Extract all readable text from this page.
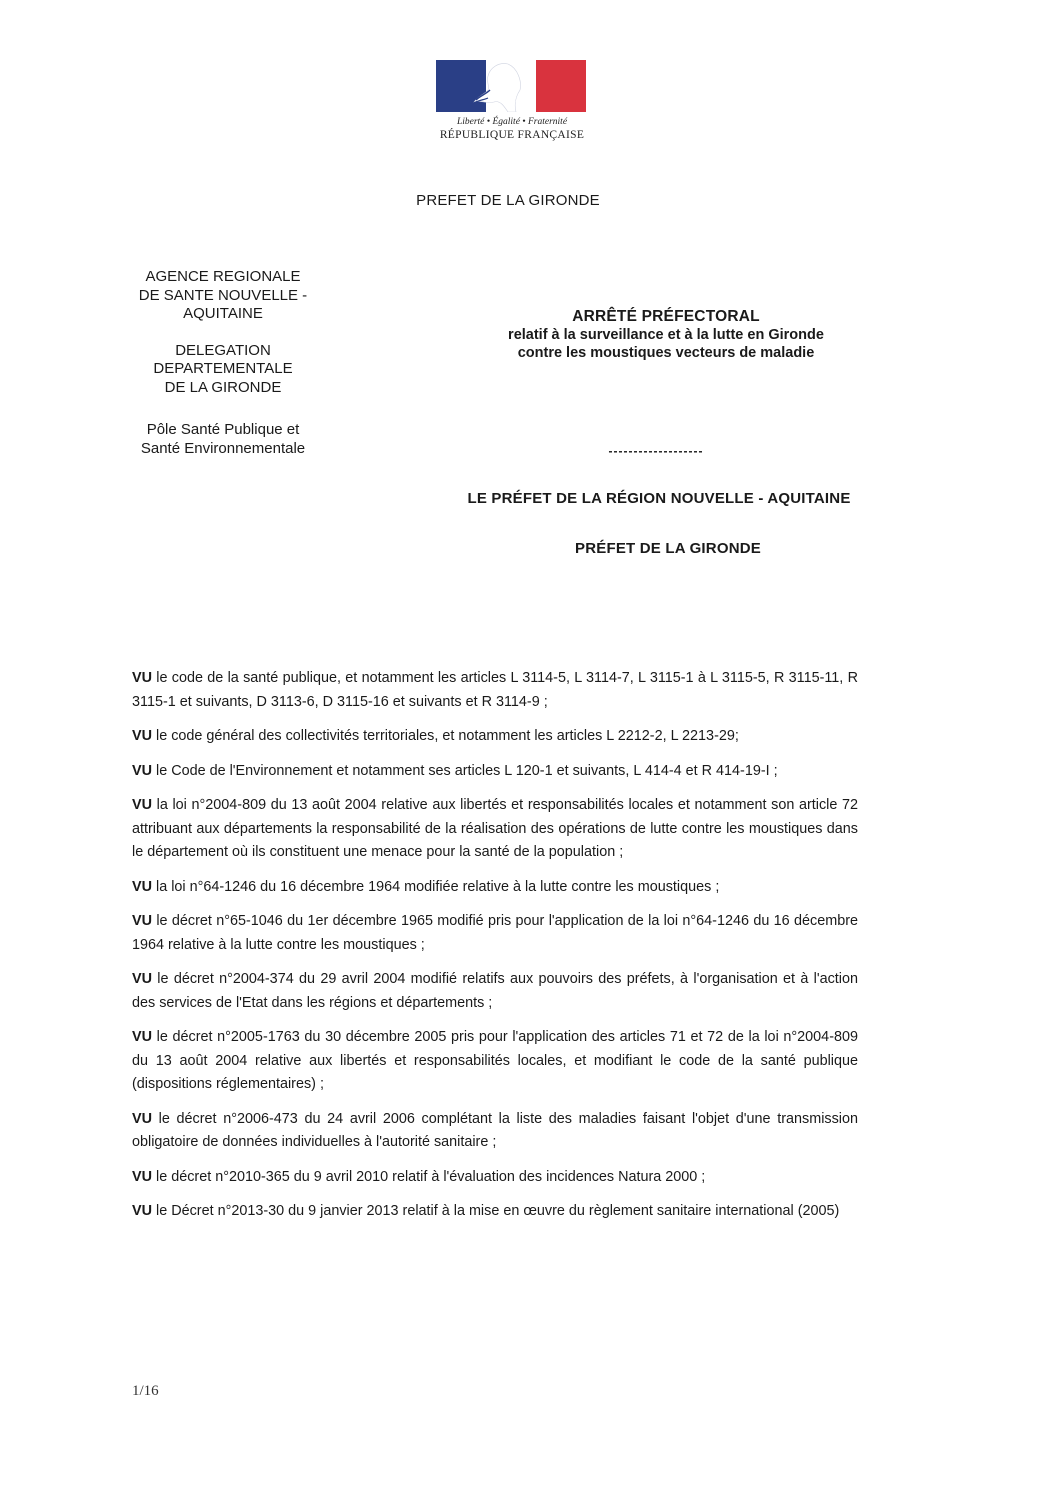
Liberté • Égalité • Fraternité
RÉPUBLIQUE FRANÇAISE
PREFET DE LA GIRONDE
AGENCE REGIONALE
DE SANTE NOUVELLE -
AQUITAINE
DELEGATION
DEPARTEMENTALE
DE LA GIRONDE
Pôle Santé Publique et
Santé Environnementale
ARRÊTÉ PRÉFECTORAL
relatif à la surveillance et à la lutte en Gironde
contre les moustiques vecteurs de maladie
-------------------
LE PRÉFET DE LA RÉGION NOUVELLE - AQUITAINE
PRÉFET DE LA GIRONDE

VU le code de la santé publique, et notamment les articles L 3114-5, L 3114-7, L 3115-1 à L 3115-5, R 3115-11, R 3115-1 et suivants, D 3113-6, D 3115-16 et suivants et R 3114-9 ;

VU le code général des collectivités territoriales, et notamment les articles L 2212-2, L 2213-29;

VU le Code de l'Environnement et notamment ses articles L 120-1 et suivants, L 414-4 et R 414-19-I ;

VU la loi n°2004-809 du 13 août 2004 relative aux libertés et responsabilités locales et notamment son article 72 attribuant aux départements la responsabilité de la réalisation des opérations de lutte contre les moustiques dans le département où ils constituent une menace pour la santé de la population ;

VU la loi n°64-1246 du 16 décembre 1964 modifiée relative à la lutte contre les moustiques ;

VU le décret n°65-1046 du 1er décembre 1965 modifié pris pour l'application de la loi n°64-1246 du 16 décembre 1964 relative à la lutte contre les moustiques ;

VU le décret n°2004-374 du 29 avril 2004 modifié relatifs aux pouvoirs des préfets, à l'organisation et à l'action des services de l'Etat dans les régions et départements ;

VU le décret n°2005-1763 du 30 décembre 2005 pris pour l'application des articles 71 et 72 de la loi n°2004-809 du 13 août 2004 relative aux libertés et responsabilités locales, et modifiant le code de la santé publique (dispositions réglementaires) ;

VU le décret n°2006-473 du 24 avril 2006 complétant la liste des maladies faisant l'objet d'une transmission obligatoire de données individuelles à l'autorité sanitaire ;

VU le décret n°2010-365 du 9 avril 2010 relatif à l'évaluation des incidences Natura 2000 ;

VU le Décret n°2013-30 du 9 janvier 2013 relatif à la mise en œuvre du règlement sanitaire international (2005)

1/16
